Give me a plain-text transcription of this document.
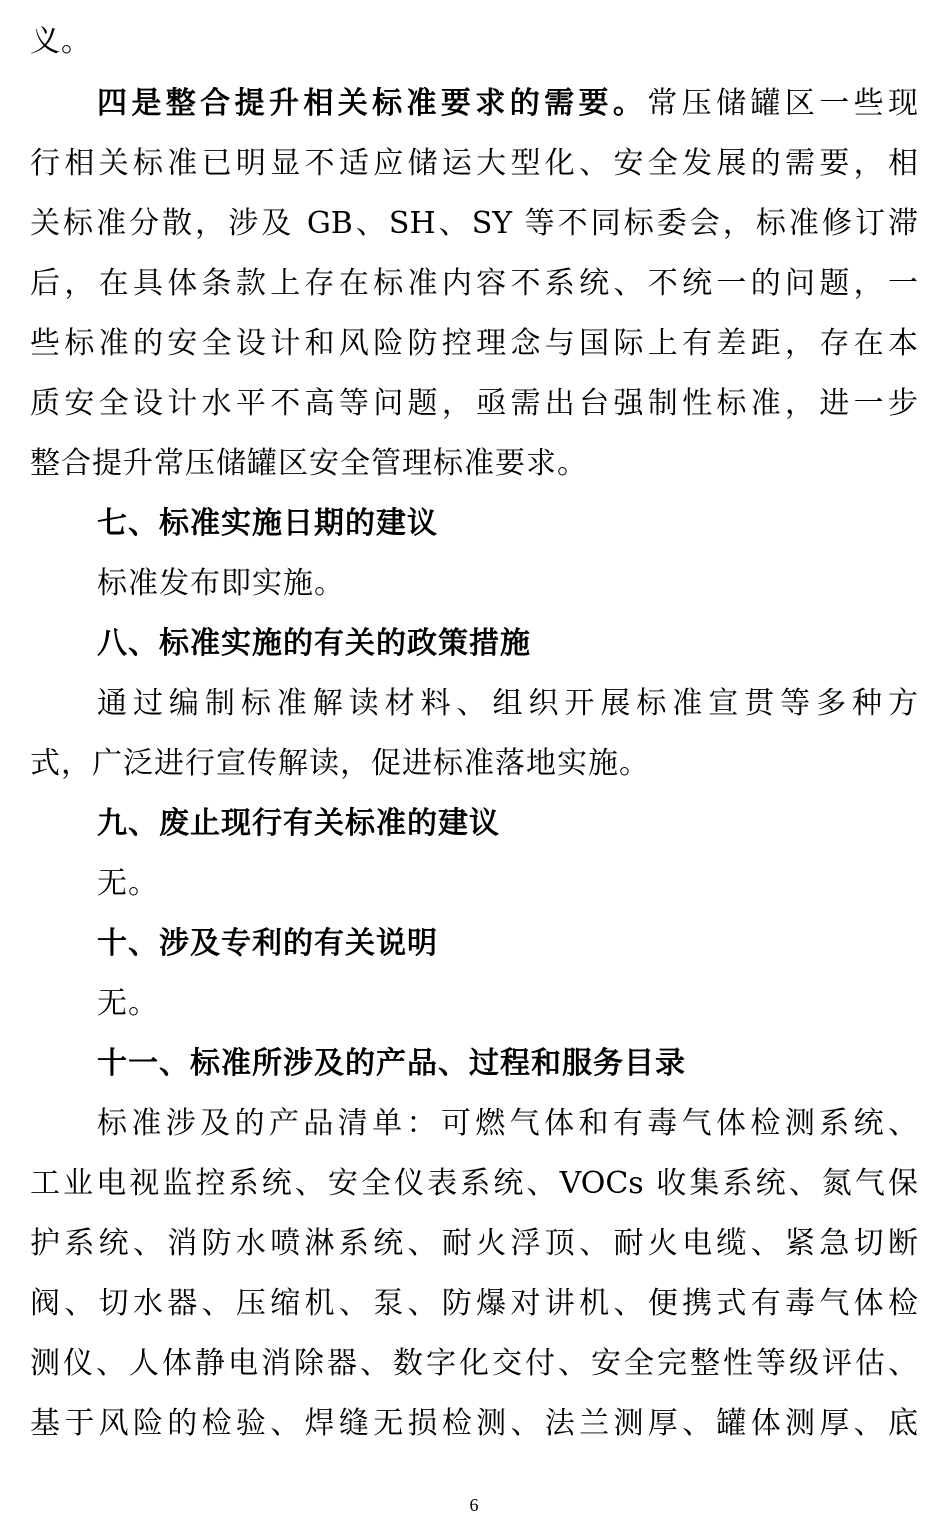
义。
四是整合提升相关标准要求的需要。常压储罐区一些现
行相关标准已明显不适应储运大型化、安全发展的需要，相
关标准分散，涉及 GB、SH、SY 等不同标委会，标准修订滞
后，在具体条款上存在标准内容不系统、不统一的问题，一
些标准的安全设计和风险防控理念与国际上有差距，存在本
质安全设计水平不高等问题，亟需出台强制性标准，进一步
整合提升常压储罐区安全管理标准要求。
七、标准实施日期的建议
标准发布即实施。
八、标准实施的有关的政策措施
通过编制标准解读材料、组织开展标准宣贯等多种方
式，广泛进行宣传解读，促进标准落地实施。
九、废止现行有关标准的建议
无。
十、涉及专利的有关说明
无。
十一、标准所涉及的产品、过程和服务目录
标准涉及的产品清单：可燃气体和有毒气体检测系统、
工业电视监控系统、安全仪表系统、VOCs 收集系统、氮气保
护系统、消防水喷淋系统、耐火浮顶、耐火电缆、紧急切断
阀、切水器、压缩机、泵、防爆对讲机、便携式有毒气体检
测仪、人体静电消除器、数字化交付、安全完整性等级评估、
基于风险的检验、焊缝无损检测、法兰测厚、罐体测厚、底
6
